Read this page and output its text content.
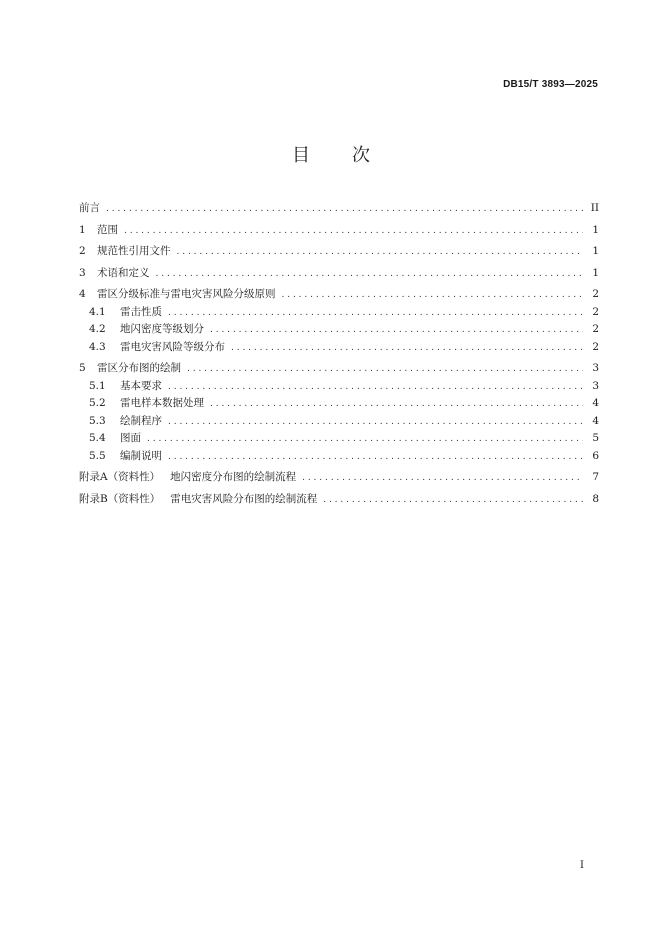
DB15/T 3893—2025
目 次
前言 . . .	II
1	范围 . . .	1
2	规范性引用文件 . . .	1
3	术语和定义 . . .	1
4	雷区分级标准与雷电灾害风险分级原则 . . .	2
4.1	雷击性质 . . .	2
4.2	地闪密度等级划分 . . .	2
4.3	雷电灾害风险等级分布 . . .	2
5	雷区分布图的绘制 . . .	3
5.1	基本要求 . . .	3
5.2	雷电样本数据处理 . . .	4
5.3	绘制程序 . . .	4
5.4	图面 . . .	5
5.5	编制说明 . . .	6
附录A（资料性） 地闪密度分布图的绘制流程 . . .	7
附录B（资料性） 雷电灾害风险分布图的绘制流程 . . .	8
I
